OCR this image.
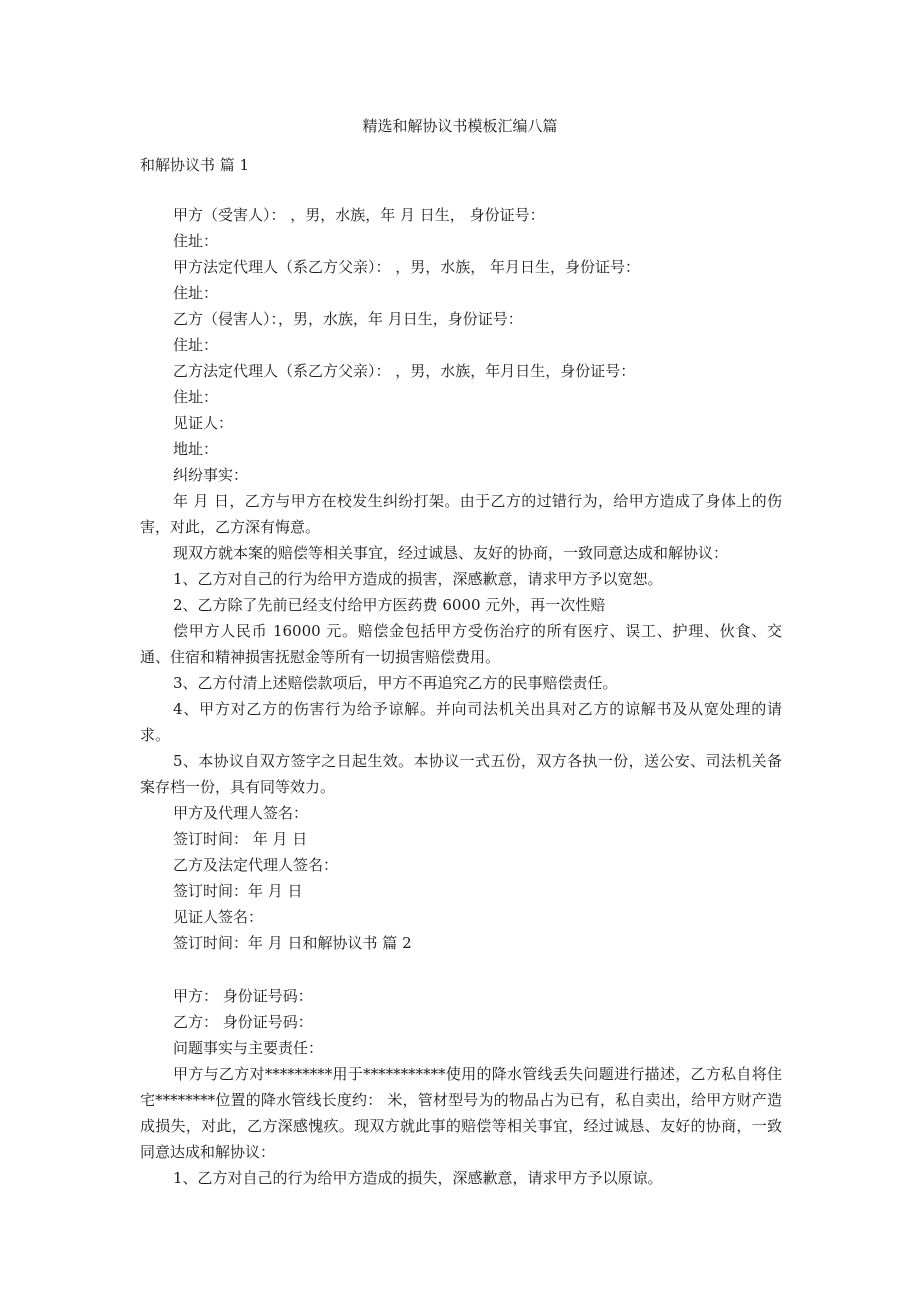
精选和解协议书模板汇编八篇
和解协议书 篇 1

甲方（受害人）： ，男，水族，年 月 日生， 身份证号：

住址：

甲方法定代理人（系乙方父亲）： ，男，水族， 年月日生，身份证号：

住址：

乙方（侵害人）：，男，水族，年 月日生，身份证号：

住址：

乙方法定代理人（系乙方父亲）： ，男，水族，年月日生，身份证号：

住址：

见证人：

地址：

纠纷事实：

年 月 日，乙方与甲方在校发生纠纷打架。由于乙方的过错行为，给甲方造成了身体上的伤害，对此，乙方深有悔意。

现双方就本案的赔偿等相关事宜，经过诚恳、友好的协商，一致同意达成和解协议：

1、乙方对自己的行为给甲方造成的损害，深感歉意，请求甲方予以宽恕。

2、乙方除了先前已经支付给甲方医药费 6000 元外，再一次性赔

偿甲方人民币 16000 元。赔偿金包括甲方受伤治疗的所有医疗、误工、护理、伙食、交通、住宿和精神损害抚慰金等所有一切损害赔偿费用。

3、乙方付清上述赔偿款项后，甲方不再追究乙方的民事赔偿责任。

4、甲方对乙方的伤害行为给予谅解。并向司法机关出具对乙方的谅解书及从宽处理的请求。

5、本协议自双方签字之日起生效。本协议一式五份，双方各执一份，送公安、司法机关备案存档一份，具有同等效力。

甲方及代理人签名：

签订时间： 年 月 日

乙方及法定代理人签名：

签订时间：年 月 日

见证人签名：

签订时间：年 月 日和解协议书 篇 2

甲方： 身份证号码：

乙方： 身份证号码：

问题事实与主要责任：

甲方与乙方对*********用于***********使用的降水管线丢失问题进行描述，乙方私自将住宅********位置的降水管线长度约： 米，管材型号为的物品占为已有，私自卖出，给甲方财产造成损失，对此，乙方深感愧疚。现双方就此事的赔偿等相关事宜，经过诚恳、友好的协商，一致同意达成和解协议：

1、乙方对自己的行为给甲方造成的损失，深感歉意，请求甲方予以原谅。
